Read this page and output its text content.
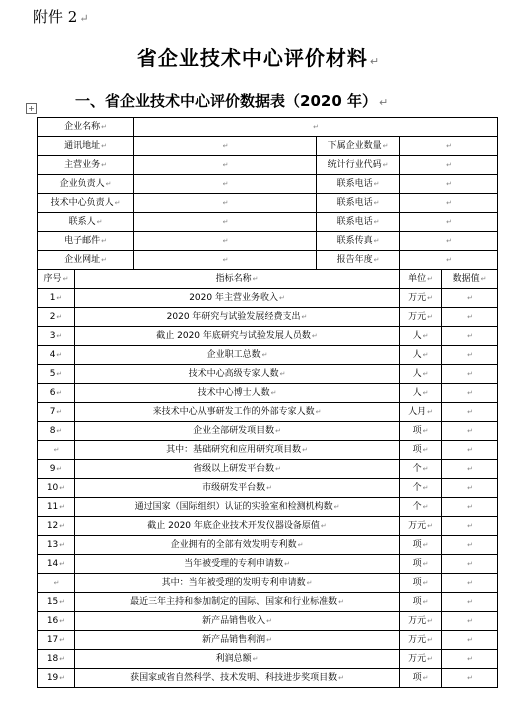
附件 2 ↵
省企业技术中心评价材料 ↵
+	一、省企业技术中心评价数据表（2020 年） ↵
企业名称↵		↵			
通讯地址↵		↵	下属企业数量↵	↵	
主营业务↵		↵	统计行业代码↵	↵	
企业负责人↵		↵	联系电话↵	↵	
技术中心负责人↵		↵	联系电话↵	↵	
联系人↵		↵	联系电话↵	↵	
电子邮件↵		↵	联系传真↵	↵	
企业网址↵		↵	报告年度↵	↵	
序号↵	指标名称↵			单位↵	数据值↵
1↵	2020 年主营业务收入↵			万元↵	↵
2↵	2020 年研究与试验发展经费支出↵			万元↵	↵
3↵	截止 2020 年底研究与试验发展人员数↵			人↵	↵
4↵	企业职工总数↵			人↵	↵
5↵	技术中心高级专家人数↵			人↵	↵
6↵	技术中心博士人数↵			人↵	↵
7↵	来技术中心从事研发工作的外部专家人数↵			人月↵	↵
8↵	企业全部研发项目数↵			项↵	↵
↵	其中：基础研究和应用研究项目数↵			项↵	↵
9↵	省级以上研发平台数↵			个↵	↵
10↵	市级研发平台数↵			个↵	↵
11↵	通过国家（国际组织）认证的实验室和检测机构数↵			个↵	↵
12↵	截止 2020 年底企业技术开发仪器设备原值↵			万元↵	↵
13↵	企业拥有的全部有效发明专利数↵			项↵	↵
14↵	当年被受理的专利申请数↵			项↵	↵
↵	其中：当年被受理的发明专利申请数↵			项↵	↵
15↵	最近三年主持和参加制定的国际、国家和行业标准数↵			项↵	↵
16↵	新产品销售收入↵			万元↵	↵
17↵	新产品销售利润↵			万元↵	↵
18↵	利润总额↵			万元↵	↵
19↵	获国家或省自然科学、技术发明、科技进步奖项目数↵			项↵	↵
